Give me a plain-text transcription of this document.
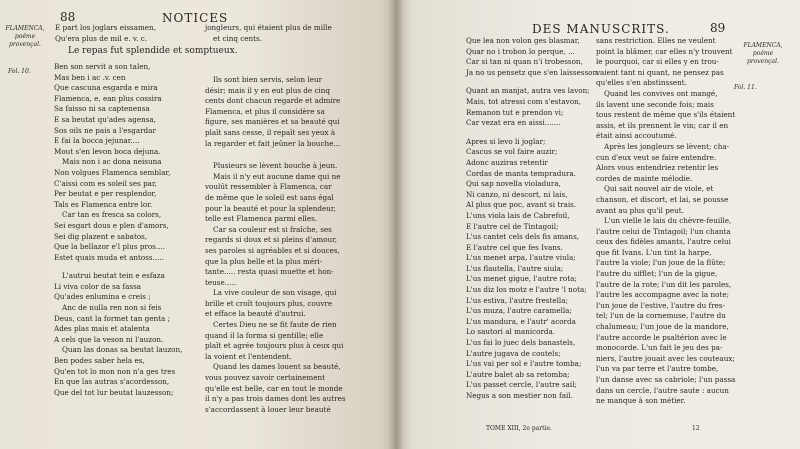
88	NOTICES
FLAMENCA,
poëme
provençal.
Fol. 10.
E part los joglars eissamen,
Qu'era plus de mil e. v. c.
jongleurs, qui étaient plus de mille
et cinq cents.
Le repas fut splendide et somptueux.
Ben son servit a son talen,
Mas ben i ac .v. cen
Que cascuna esgarda e mira
Flamenca, e, ean plus cossira
Sa faisso ni sa captenensa
E sa beutat qu'ades agensa,
Sos oils ne pais a l'esgardar
E fai la bocca jejunar....
Mout s'en levon boca dejuna.
Mais non i ac dona neisuna
Non volgues Flamenca semblar,
C'aissi com es soleil ses par,
Per beutat e per resplendor,
Tals es Flamenca entre lor.
Car tan es fresca sa colors,
Sei esgart dous e plen d'amors,
Sei dig plazent e sabatos,
Que la bellazor e'l plus pros....
Estet quais muda et antoss.....
L'autrui beutat tein e esfaza
Li viva color de sa fassa
Qu'ades enlumina e creis ;
Anc de nulla ren non si feis
Deus, cant la formet tan genta ;
Ades plas mais et atalenta
A cels que la veson ni l'auzon.
Quan las donas sa beutat lauzon,
Ben podes saber hela es,
Qu'en tot lo mon non n'a ges tres
En que las autras s'acordesson,
Que del tot lur beutat lauzesson;
Ils sont bien servis, selon leur
désir; mais il y en eut plus de cinq
cents dont chacun regarde et admire
Flamenca, et plus il considère sa
figure, ses manières et sa beauté qui
plaît sans cesse, il repaît ses yeux à
la regarder et fait jeûner la bouche...
Plusieurs se lèvent bouche à jeun.
Mais il n'y eut aucune dame qui ne
voulût ressembler à Flamenca, car
de même que le soleil est sans égal
pour la beauté et pour la splendeur,
telle est Flamenca parmi elles.
Car sa couleur est si fraîche, ses
regards si doux et si pleins d'amour,
ses paroles si agréables et si douces,
que la plus belle et la plus méri-
tante..... resta quasi muette et hon-
teuse.....
La vive couleur de son visage, qui
brille et croît toujours plus, couvre
et efface la beauté d'autrui.
Certes Dieu ne se fit faute de rien
quand il la forma si gentille; elle
plaît et agrée toujours plus à ceux qui
la voient et l'entendent.
Quand les dames louent sa beauté,
vous pouvez savoir certainement
qu'elle est belle, car en tout le monde
il n'y a pas trois dames dont les autres
s'accordassent à louer leur beauté
DES MANUSCRITS.	89
FLAMENCA,
poëme
provençal.
Fol. 11.
Que lea non volon ges blasmar,
Quar no i trobon lo perque, ...
Car si tan ni quan n'i trobesson,
Ja no us pensetz que s'en laissesson.
Quant an manjat, autra ves lavon;
Mais, tot atressi com s'estavon,
Remanon tut e prendon vi;
Car vezat era en aissi.......
Apres si levo li joglar;
Cascus se vol faire auzir;
Adonc auziras retentir
Cordas de manta tempradura.
Qui sap novella violadura,
Ni canzo, ni descort, ni lais,
Al plus que poc, avant si trais.
L'uns viola lais de Cabrefoil,
E l'autre cel de Tintagoil;
L'us cantet cels dels fis amans,
E l'autre cel que fes Ivans.
L'us menet arpa, l'autre viula;
L'us flautella, l'autre siula;
L'us menet gigue, l'autre rota;
L'us diz los motz e l'autre 'l nota;
L'us estiva, l'autre frestella;
L'us muza, l'autre caramella;
L'us mandura, e l'autr' acorda
Lo sautori al manicorda.
L'us fai lo juec dels banastels,
L'autre jugava de coutels;
L'us vai per sol e l'autre tomba;
L'autre balet ab sa retomba;
L'us passet cercle, l'autre sail;
Negus a son mestier non fail.
sans restriction. Elles ne veulent
point la blâmer, car elles n'y trouvent
le pourquoi, car si elles y en trou-
vaient tant ni quant, ne pensez pas
qu'elles s'en abstinssent.
Quand les convives ont mangé,
ils lavent une seconde fois; mais
tous restent de même que s'ils étaient
assis, et ils prennent le vin; car il en
était ainsi accoutumé.
Après les jongleurs se lèvent; cha-
cun d'eux veut se faire entendre.
Alors vous entendriez retentir les
cordes de mainte mélodie.
Qui sait nouvel air de viole, et
chanson, et discort, et lai, se pousse
avant au plus qu'il peut.
L'un vielle le lais du chèvre-feuille,
l'autre celui de Tintagoil; l'un chanta
ceux des fidèles amants, l'autre celui
que fit Ivans. L'un tint la harpe,
l'autre la viole; l'un joue de la flûte;
l'autre du sifflet; l'un de la gigue,
l'autre de la rote; l'un dit les paroles,
l'autre les accompagne avec la note;
l'un joue de l'estive, l'autre du fres-
tel; l'un de la cornemuse, l'autre du
chalumeau; l'un joue de la mandore,
l'autre accorde le psaltérion avec le
monocorde. L'un fait le jeu des pa-
niers, l'autre jouait avec les couteaux;
l'un va par terre et l'autre tombe,
l'un danse avec sa cabriole; l'un passa
dans un cercle, l'autre saute : aucun
ne manque à son métier.
TOME XIII, 2e partie.	12
